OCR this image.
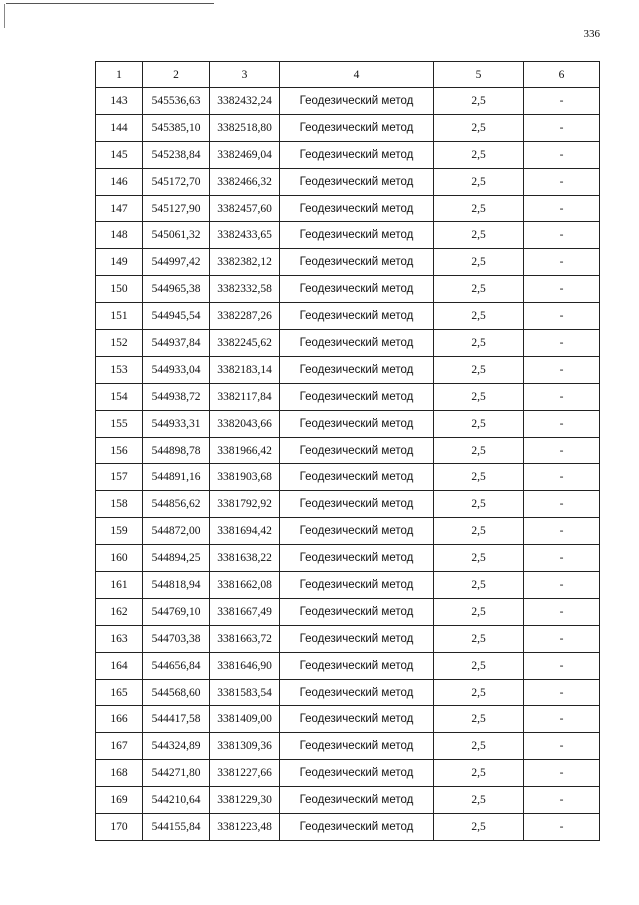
336
1	2	3	4	5	6
143	545536,63	3382432,24	Геодезический метод	2,5	-
144	545385,10	3382518,80	Геодезический метод	2,5	-
145	545238,84	3382469,04	Геодезический метод	2,5	-
146	545172,70	3382466,32	Геодезический метод	2,5	-
147	545127,90	3382457,60	Геодезический метод	2,5	-
148	545061,32	3382433,65	Геодезический метод	2,5	-
149	544997,42	3382382,12	Геодезический метод	2,5	-
150	544965,38	3382332,58	Геодезический метод	2,5	-
151	544945,54	3382287,26	Геодезический метод	2,5	-
152	544937,84	3382245,62	Геодезический метод	2,5	-
153	544933,04	3382183,14	Геодезический метод	2,5	-
154	544938,72	3382117,84	Геодезический метод	2,5	-
155	544933,31	3382043,66	Геодезический метод	2,5	-
156	544898,78	3381966,42	Геодезический метод	2,5	-
157	544891,16	3381903,68	Геодезический метод	2,5	-
158	544856,62	3381792,92	Геодезический метод	2,5	-
159	544872,00	3381694,42	Геодезический метод	2,5	-
160	544894,25	3381638,22	Геодезический метод	2,5	-
161	544818,94	3381662,08	Геодезический метод	2,5	-
162	544769,10	3381667,49	Геодезический метод	2,5	-
163	544703,38	3381663,72	Геодезический метод	2,5	-
164	544656,84	3381646,90	Геодезический метод	2,5	-
165	544568,60	3381583,54	Геодезический метод	2,5	-
166	544417,58	3381409,00	Геодезический метод	2,5	-
167	544324,89	3381309,36	Геодезический метод	2,5	-
168	544271,80	3381227,66	Геодезический метод	2,5	-
169	544210,64	3381229,30	Геодезический метод	2,5	-
170	544155,84	3381223,48	Геодезический метод	2,5	-
